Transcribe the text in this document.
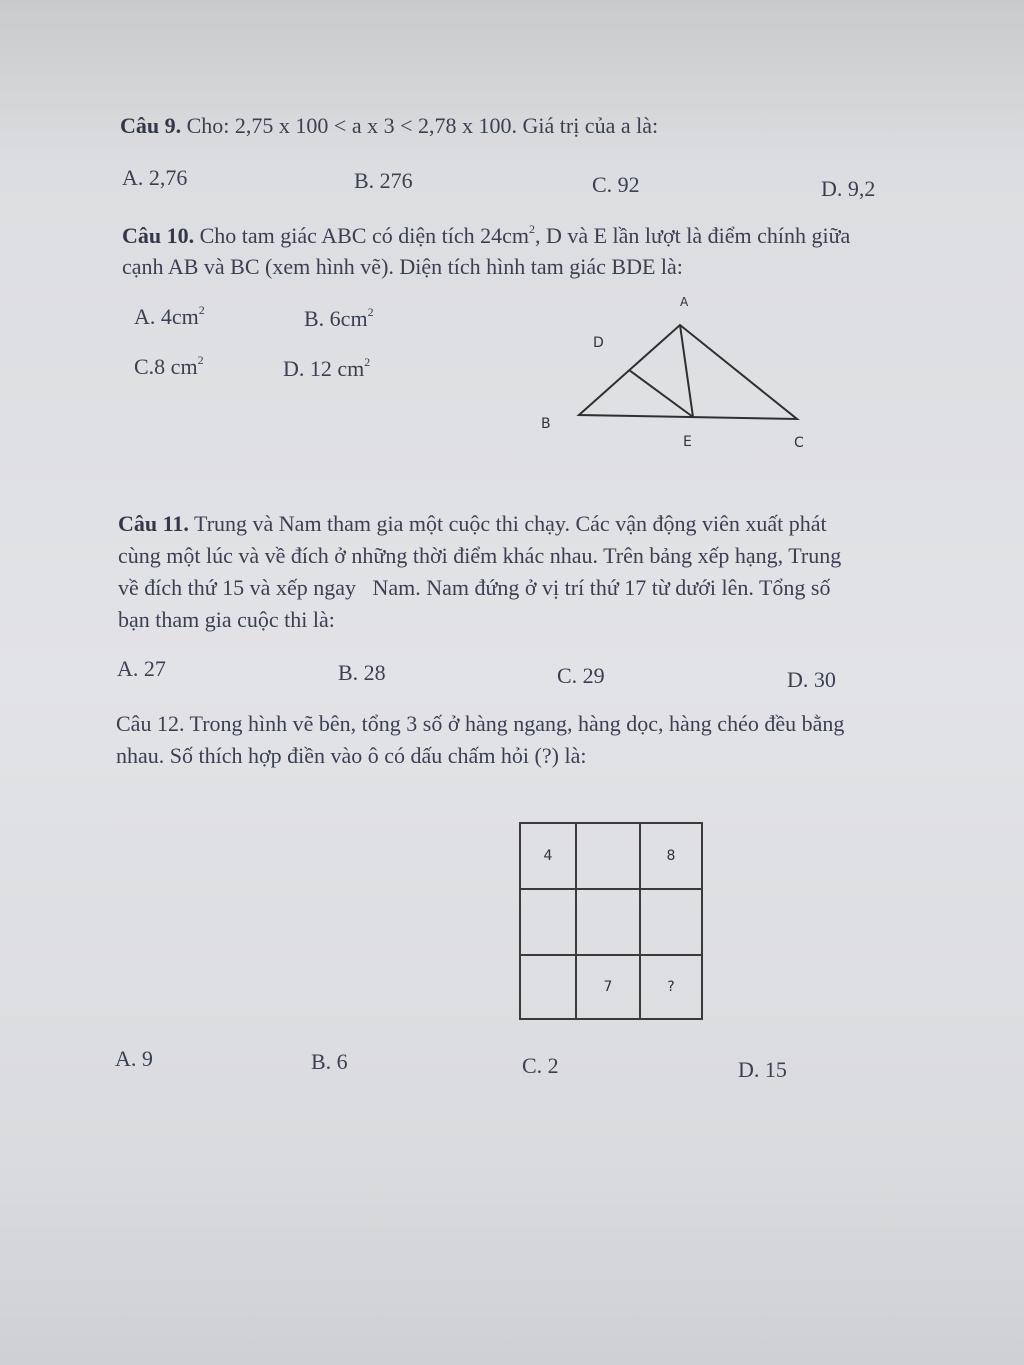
Câu 9. Cho: 2,75 x 100 < a x 3 < 2,78 x 100. Giá trị của a là:
A. 2,76	B. 276	C. 92	D. 9,2
Câu 10. Cho tam giác ABC có diện tích $24cm^2$, D và E lần lượt là điểm chính giữa
cạnh AB và BC (xem hình vẽ). Diện tích hình tam giác BDE là:
A. $4cm^2$	B. $6cm^2$
C.8 $cm^2$	D. 12 $cm^2$
A
D
B
E	C
Câu 11. Trung và Nam tham gia một cuộc thi chạy. Các vận động viên xuất phát
cùng một lúc và về đích ở những thời điểm khác nhau. Trên bảng xếp hạng, Trung
về đích thứ 15 và xếp ngay   Nam. Nam đứng ở vị trí thứ 17 từ dưới lên. Tổng số
bạn tham gia cuộc thi là:
A. 27	B. 28	C. 29	D. 30
Câu 12. Trong hình vẽ bên, tổng 3 số ở hàng ngang, hàng dọc, hàng chéo đều bằng
nhau. Số thích hợp điền vào ô có dấu chấm hỏi (?) là:
4		8

	7	?
A. 9	B. 6	C. 2	D. 15
